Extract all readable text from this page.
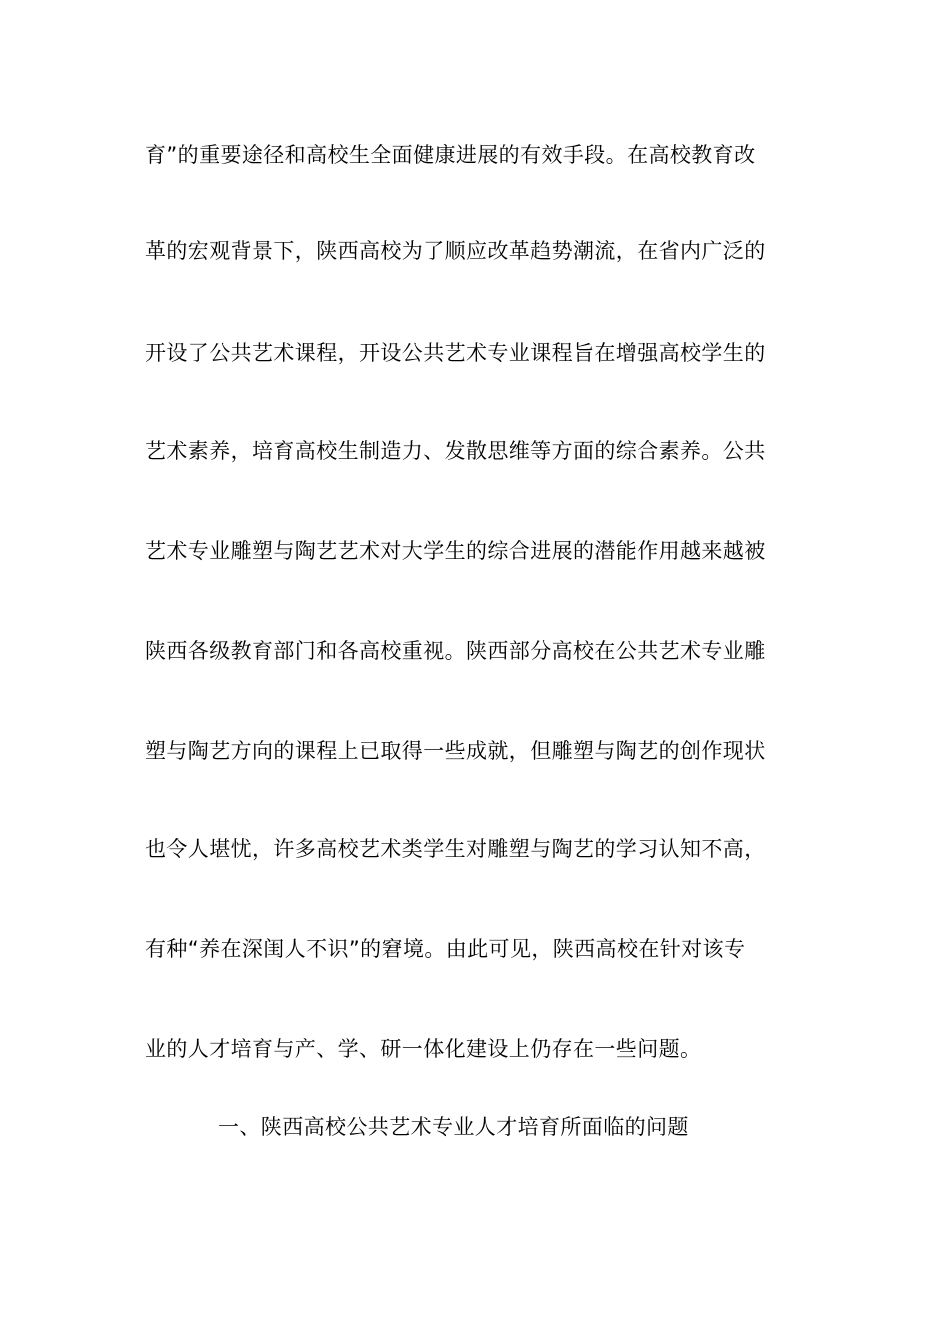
育”的重要途径和高校生全面健康进展的有效手段。在高校教育改
革的宏观背景下，陕西高校为了顺应改革趋势潮流，在省内广泛的
开设了公共艺术课程，开设公共艺术专业课程旨在增强高校学生的
艺术素养，培育高校生制造力、发散思维等方面的综合素养。公共
艺术专业雕塑与陶艺艺术对大学生的综合进展的潜能作用越来越被
陕西各级教育部门和各高校重视。陕西部分高校在公共艺术专业雕
塑与陶艺方向的课程上已取得一些成就，但雕塑与陶艺的创作现状
也令人堪忧，许多高校艺术类学生对雕塑与陶艺的学习认知不高，
有种“养在深闺人不识”的窘境。由此可见，陕西高校在针对该专
业的人才培育与产、学、研一体化建设上仍存在一些问题。
一、陕西高校公共艺术专业人才培育所面临的问题
